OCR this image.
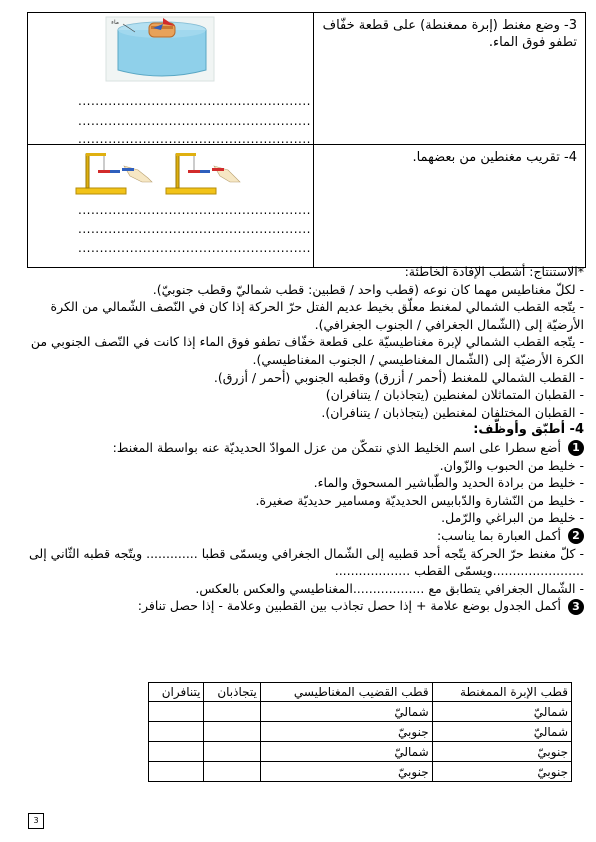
3- وضع مغنط (إبرة ممغنطة) على قطعة خفّاف تطفو فوق الماء.	ماء
......................................................
......................................................
......................................................

4- تقريب مغنطين من بعضهما.	......................................................
......................................................
......................................................

*الاستنتاج: أشطب الإفادة الخاطئة:

- لكلّ مغناطيس مهما كان نوعه (قطب واحد / قطبين: قطب شماليّ وقطب جنوبيّ).

- يتّجه القطب الشمالي لمغنط معلّق بخيط عديم الفتل حرّ الحركة إذا كان في النّصف الشّمالي من الكرة الأرضيّة إلى (الشّمال الجغرافي / الجنوب الجغرافي).

- يتّجه القطب الشمالي لإبرة مغناطيسيّة على قطعة خفّاف تطفو فوق الماء إذا كانت في النّصف الجنوبي من الكرة الأرضيّة إلى (الشّمال المغناطيسي / الجنوب المغناطيسي).

- القطب الشمالي للمغنط (أحمر / أزرق) وقطبه الجنوبي (أحمر / أزرق).

- القطبان المتماثلان لمغنطين (يتجاذبان / يتنافران)

- القطبان المختلفان لمغنطين (يتجاذبان / يتنافران).

4- أطبّق وأوظّف:

1 أضع سطرا على اسم الخليط الذي نتمكّن من عزل الموادّ الحديديّة عنه بواسطة المغنط:

- خليط من الحبوب والزّوان.

- خليط من برادة الحديد والطّباشير المسحوق والماء.

- خليط من النّشارة والدّبابيس الحديديّة ومسامير حديديّة صغيرة.

- خليط من البراغي والرّمل.

2 أكمل العبارة بما يناسب:

- كلّ مغنط حرّ الحركة يتّجه أحد قطبيه إلى الشّمال الجغرافي ويسمّى قطبا ............. ويتّجه قطبه الثّاني إلى .......................ويسمّى القطب ...................

- الشّمال الجغرافي يتطابق مع ..................المغناطيسي والعكس بالعكس.

3 أكمل الجدول بوضع علامة + إذا حصل تجاذب بين القطبين وعلامة - إذا حصل تنافر:

قطب الإبرة الممغنطة	قطب القضيب المغناطيسي	يتجاذبان	يتنافران
شماليّ	شماليّ		
شماليّ	جنوبيّ		
جنوبيّ	شماليّ		
جنوبيّ	جنوبيّ		
3
